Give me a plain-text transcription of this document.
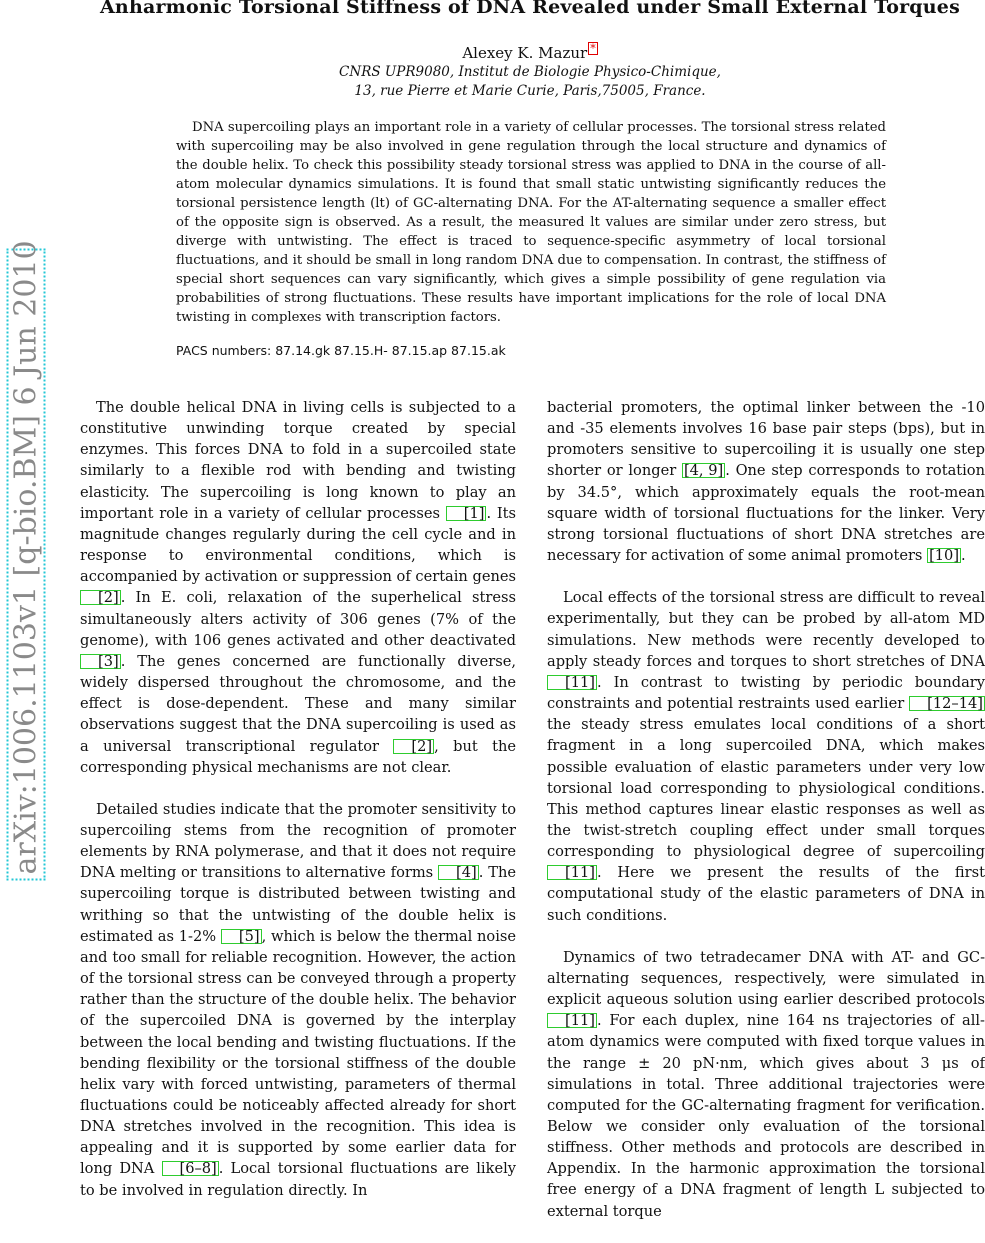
Anharmonic Torsional Stiffness of DNA Revealed under Small External Torques
Alexey K. Mazur *
CNRS UPR9080, Institut de Biologie Physico-Chimique,
13, rue Pierre et Marie Curie, Paris,75005, France.

DNA supercoiling plays an important role in a variety of cellular processes. The torsional stress related with supercoiling may be also involved in gene regulation through the local structure and dynamics of the double helix. To check this possibility steady torsional stress was applied to DNA in the course of all-atom molecular dynamics simulations. It is found that small static untwisting significantly reduces the torsional persistence length (lt) of GC-alternating DNA. For the AT-alternating sequence a smaller effect of the opposite sign is observed. As a result, the measured lt values are similar under zero stress, but diverge with untwisting. The effect is traced to sequence-specific asymmetry of local torsional fluctuations, and it should be small in long random DNA due to compensation. In contrast, the stiffness of special short sequences can vary significantly, which gives a simple possibility of gene regulation via probabilities of strong fluctuations. These results have important implications for the role of local DNA twisting in complexes with transcription factors.

PACS numbers: 87.14.gk 87.15.H- 87.15.ap 87.15.ak
arXiv:1006.1103v1 [q-bio.BM] 6 Jun 2010	The double helical DNA in living cells is subjected to a constitutive unwinding torque created by special enzymes. This forces DNA to fold in a supercoiled state similarly to a flexible rod with bending and twisting elasticity. The supercoiling is long known to play an important role in a variety of cellular processes [1] . Its magnitude changes regularly during the cell cycle and in response to environmental conditions, which is accompanied by activation or suppression of certain genes [2] . In E. coli, relaxation of the superhelical stress simultaneously alters activity of 306 genes (7% of the genome), with 106 genes activated and other deactivated [3] . The genes concerned are functionally diverse, widely dispersed throughout the chromosome, and the effect is dose-dependent. These and many similar observations suggest that the DNA supercoiling is used as a universal transcriptional regulator [2] , but the corresponding physical mechanisms are not clear.

Detailed studies indicate that the promoter sensitivity to supercoiling stems from the recognition of promoter elements by RNA polymerase, and that it does not require DNA melting or transitions to alternative forms [4] . The supercoiling torque is distributed between twisting and writhing so that the untwisting of the double helix is estimated as 1-2% [5] , which is below the thermal noise and too small for reliable recognition. However, the action of the torsional stress can be conveyed through a property rather than the structure of the double helix. The behavior of the supercoiled DNA is governed by the interplay between the local bending and twisting fluctuations. If the bending flexibility or the torsional stiffness of the double helix vary with forced untwisting, parameters of thermal fluctuations could be noticeably affected already for short DNA stretches involved in the recognition. This idea is appealing and it is supported by some earlier data for long DNA [6–8] . Local torsional fluctuations are likely to be involved in regulation directly. In

bacterial promoters, the optimal linker between the -10 and -35 elements involves 16 base pair steps (bps), but in promoters sensitive to supercoiling it is usually one step shorter or longer [4, 9] . One step corresponds to rotation by 34.5°, which approximately equals the root-mean square width of torsional fluctuations for the linker. Very strong torsional fluctuations of short DNA stretches are necessary for activation of some animal promoters [10] .

Local effects of the torsional stress are difficult to reveal experimentally, but they can be probed by all-atom MD simulations. New methods were recently developed to apply steady forces and torques to short stretches of DNA [11] . In contrast to twisting by periodic boundary constraints and potential restraints used earlier [12–14] the steady stress emulates local conditions of a short fragment in a long supercoiled DNA, which makes possible evaluation of elastic parameters under very low torsional load corresponding to physiological conditions. This method captures linear elastic responses as well as the twist-stretch coupling effect under small torques corresponding to physiological degree of supercoiling [11] . Here we present the results of the first computational study of the elastic parameters of DNA in such conditions.

Dynamics of two tetradecamer DNA with AT- and GC-alternating sequences, respectively, were simulated in explicit aqueous solution using earlier described protocols [11] . For each duplex, nine 164 ns trajectories of all-atom dynamics were computed with fixed torque values in the range ± 20 pN·nm, which gives about 3 μs of simulations in total. Three additional trajectories were computed for the GC-alternating fragment for verification. Below we consider only evaluation of the torsional stiffness. Other methods and protocols are described in Appendix. In the harmonic approximation the torsional free energy of a DNA fragment of length L subjected to external torque
